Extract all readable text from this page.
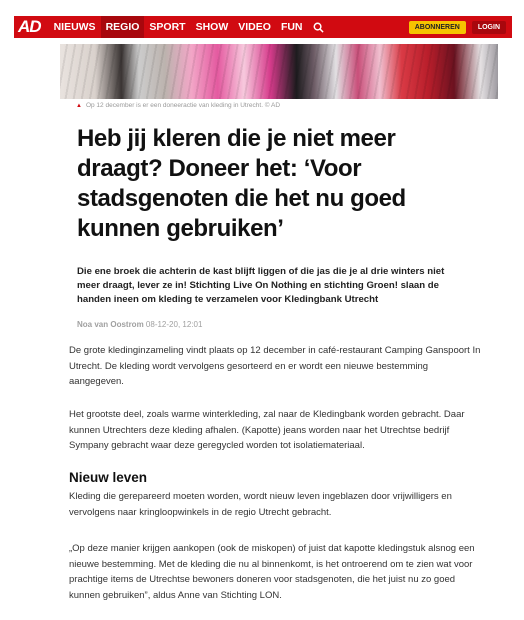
AD	NIEUWS REGIO SPORT SHOW VIDEO FUN	ABONNEREN	LOGIN
▲ Op 12 december is er een doneeractie van kleding in Utrecht. © AD
Heb jij kleren die je niet meer draagt? Doneer het: ‘Voor stadsgenoten die het nu goed kunnen gebruiken’

Die ene broek die achterin de kast blijft liggen of die jas die je al drie winters niet meer draagt, lever ze in! Stichting Live On Nothing en stichting Groen! slaan de handen ineen om kleding te verzamelen voor Kledingbank Utrecht

Noa van Oostrom 08-12-20, 12:01

De grote kledinginzameling vindt plaats op 12 december in café-restaurant Camping Ganspoort In Utrecht. De kleding wordt vervolgens gesorteerd en er wordt een nieuwe bestemming aangegeven.

Het grootste deel, zoals warme winterkleding, zal naar de Kledingbank worden gebracht. Daar kunnen Utrechters deze kleding afhalen. (Kapotte) jeans worden naar het Utrechtse bedrijf Sympany gebracht waar deze geregycled worden tot isolatiemateriaal.

Nieuw leven

Kleding die gerepareerd moeten worden, wordt nieuw leven ingeblazen door vrijwilligers en vervolgens naar kringloopwinkels in de regio Utrecht gebracht.

„Op deze manier krijgen aankopen (ook de miskopen) of juist dat kapotte kledingstuk alsnog een nieuwe bestemming. Met de kleding die nu al binnenkomt, is het ontroerend om te zien wat voor prachtige items de Utrechtse bewoners doneren voor stadsgenoten, die het juist nu zo goed kunnen gebruiken”, aldus Anne van Stichting LON.
